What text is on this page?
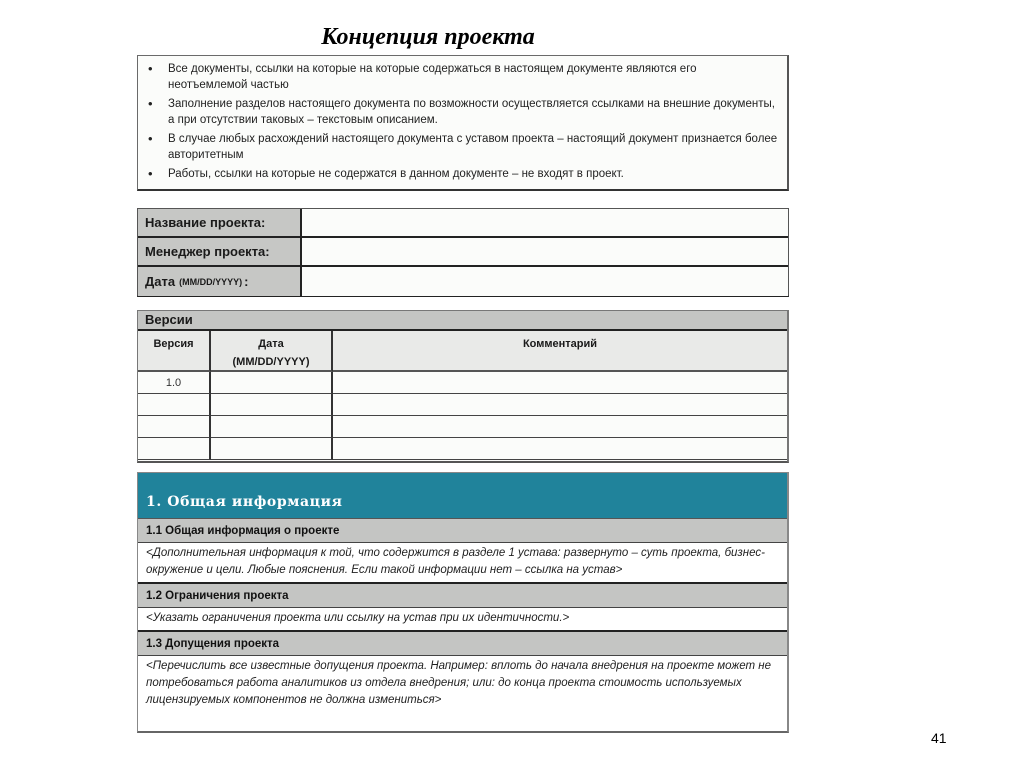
Концепция проекта
• Все документы, ссылки на которые на которые содержаться в настоящем документе являются его неотъемлемой частью
• Заполнение разделов настоящего документа по возможности осуществляется ссылками на внешние документы, а при отсутствии таковых – текстовым описанием.
• В случае любых расхождений настоящего документа с уставом проекта – настоящий документ признается более авторитетным
• Работы, ссылки на которые не содержатся в данном документе – не входят в проект.
Название проекта:
Менеджер проекта:
Дата (MM/DD/YYYY) :
Версии
Версия	Дата
(MM/DD/YYYY)
Комментарий
1.0
1. Общая информация
1.1 Общая информация о проекте
<Дополнительная информация к той, что содержится в разделе 1 устава: развернуто – суть проекта, бизнес-окружение и цели. Любые пояснения. Если такой информации нет – ссылка на устав>
1.2 Ограничения проекта
<Указать ограничения проекта или ссылку на устав при их идентичности.>
1.3 Допущения проекта
<Перечислить все известные допущения проекта. Например: вплоть до начала внедрения на проекте может не потребоваться работа аналитиков из отдела внедрения; или: до конца проекта стоимость используемых лицензируемых компонентов не должна измениться>
41
